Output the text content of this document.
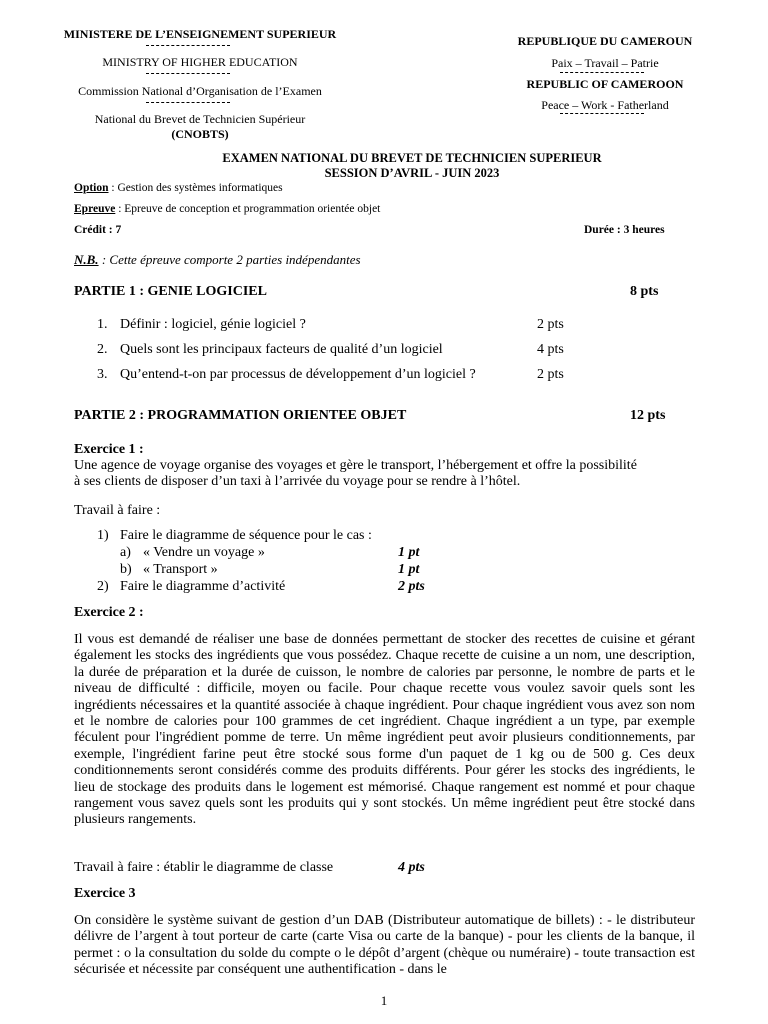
MINISTERE DE L’ENSEIGNEMENT SUPERIEUR
MINISTRY OF HIGHER EDUCATION
Commission National d’Organisation de l’Examen
National du Brevet de Technicien Supérieur
(CNOBTS)
REPUBLIQUE DU CAMEROUN
Paix – Travail – Patrie
REPUBLIC OF CAMEROON
Peace – Work - Fatherland
EXAMEN NATIONAL DU BREVET DE TECHNICIEN SUPERIEUR
SESSION D’AVRIL - JUIN 2023
Option : Gestion des systèmes informatiques
Epreuve : Epreuve de conception et programmation orientée objet
Crédit : 7	Durée : 3 heures
N.B. : Cette épreuve comporte 2 parties indépendantes
PARTIE 1 : GENIE LOGICIEL	8 pts
1. Définir : logiciel, génie logiciel ?	2 pts
2. Quels sont les principaux facteurs de qualité d’un logiciel	4 pts
3. Qu’entend-t-on par processus de développement d’un logiciel ?	2 pts
PARTIE 2 : PROGRAMMATION ORIENTEE OBJET	12 pts
Exercice 1 :
Une agence de voyage organise des voyages et gère le transport, l’hébergement et offre la possibilité à ses clients de disposer d’un taxi à l’arrivée du voyage pour se rendre à l’hôtel.
Travail à faire :
1) Faire le diagramme de séquence pour le cas :
a) « Vendre un voyage »	1 pt
b) « Transport »	1 pt
2) Faire le diagramme d’activité	2 pts
Exercice 2 :
Il vous est demandé de réaliser une base de données permettant de stocker des recettes de cuisine et gérant également les stocks des ingrédients que vous possédez. Chaque recette de cuisine a un nom, une description, la durée de préparation et la durée de cuisson, le nombre de calories par personne, le nombre de parts et le niveau de difficulté : difficile, moyen ou facile. Pour chaque recette vous voulez savoir quels sont les ingrédients nécessaires et la quantité associée à chaque ingrédient. Pour chaque ingrédient vous avez son nom et le nombre de calories pour 100 grammes de cet ingrédient. Chaque ingrédient a un type, par exemple féculent pour l'ingrédient pomme de terre. Un même ingrédient peut avoir plusieurs conditionnements, par exemple, l'ingrédient farine peut être stocké sous forme d'un paquet de 1 kg ou de 500 g. Ces deux conditionnements seront considérés comme des produits différents. Pour gérer les stocks des ingrédients, le lieu de stockage des produits dans le logement est mémorisé. Chaque rangement est nommé et pour chaque rangement vous savez quels sont les produits qui y sont stockés. Un même ingrédient peut être stocké dans plusieurs rangements.
Travail à faire : établir le diagramme de classe	4 pts
Exercice 3
On considère le système suivant de gestion d’un DAB (Distributeur automatique de billets) : - le distributeur délivre de l’argent à tout porteur de carte (carte Visa ou carte de la banque) - pour les clients de la banque, il permet : o la consultation du solde du compte o le dépôt d’argent (chèque ou numéraire) - toute transaction est sécurisée et nécessite par conséquent une authentification - dans le
1
